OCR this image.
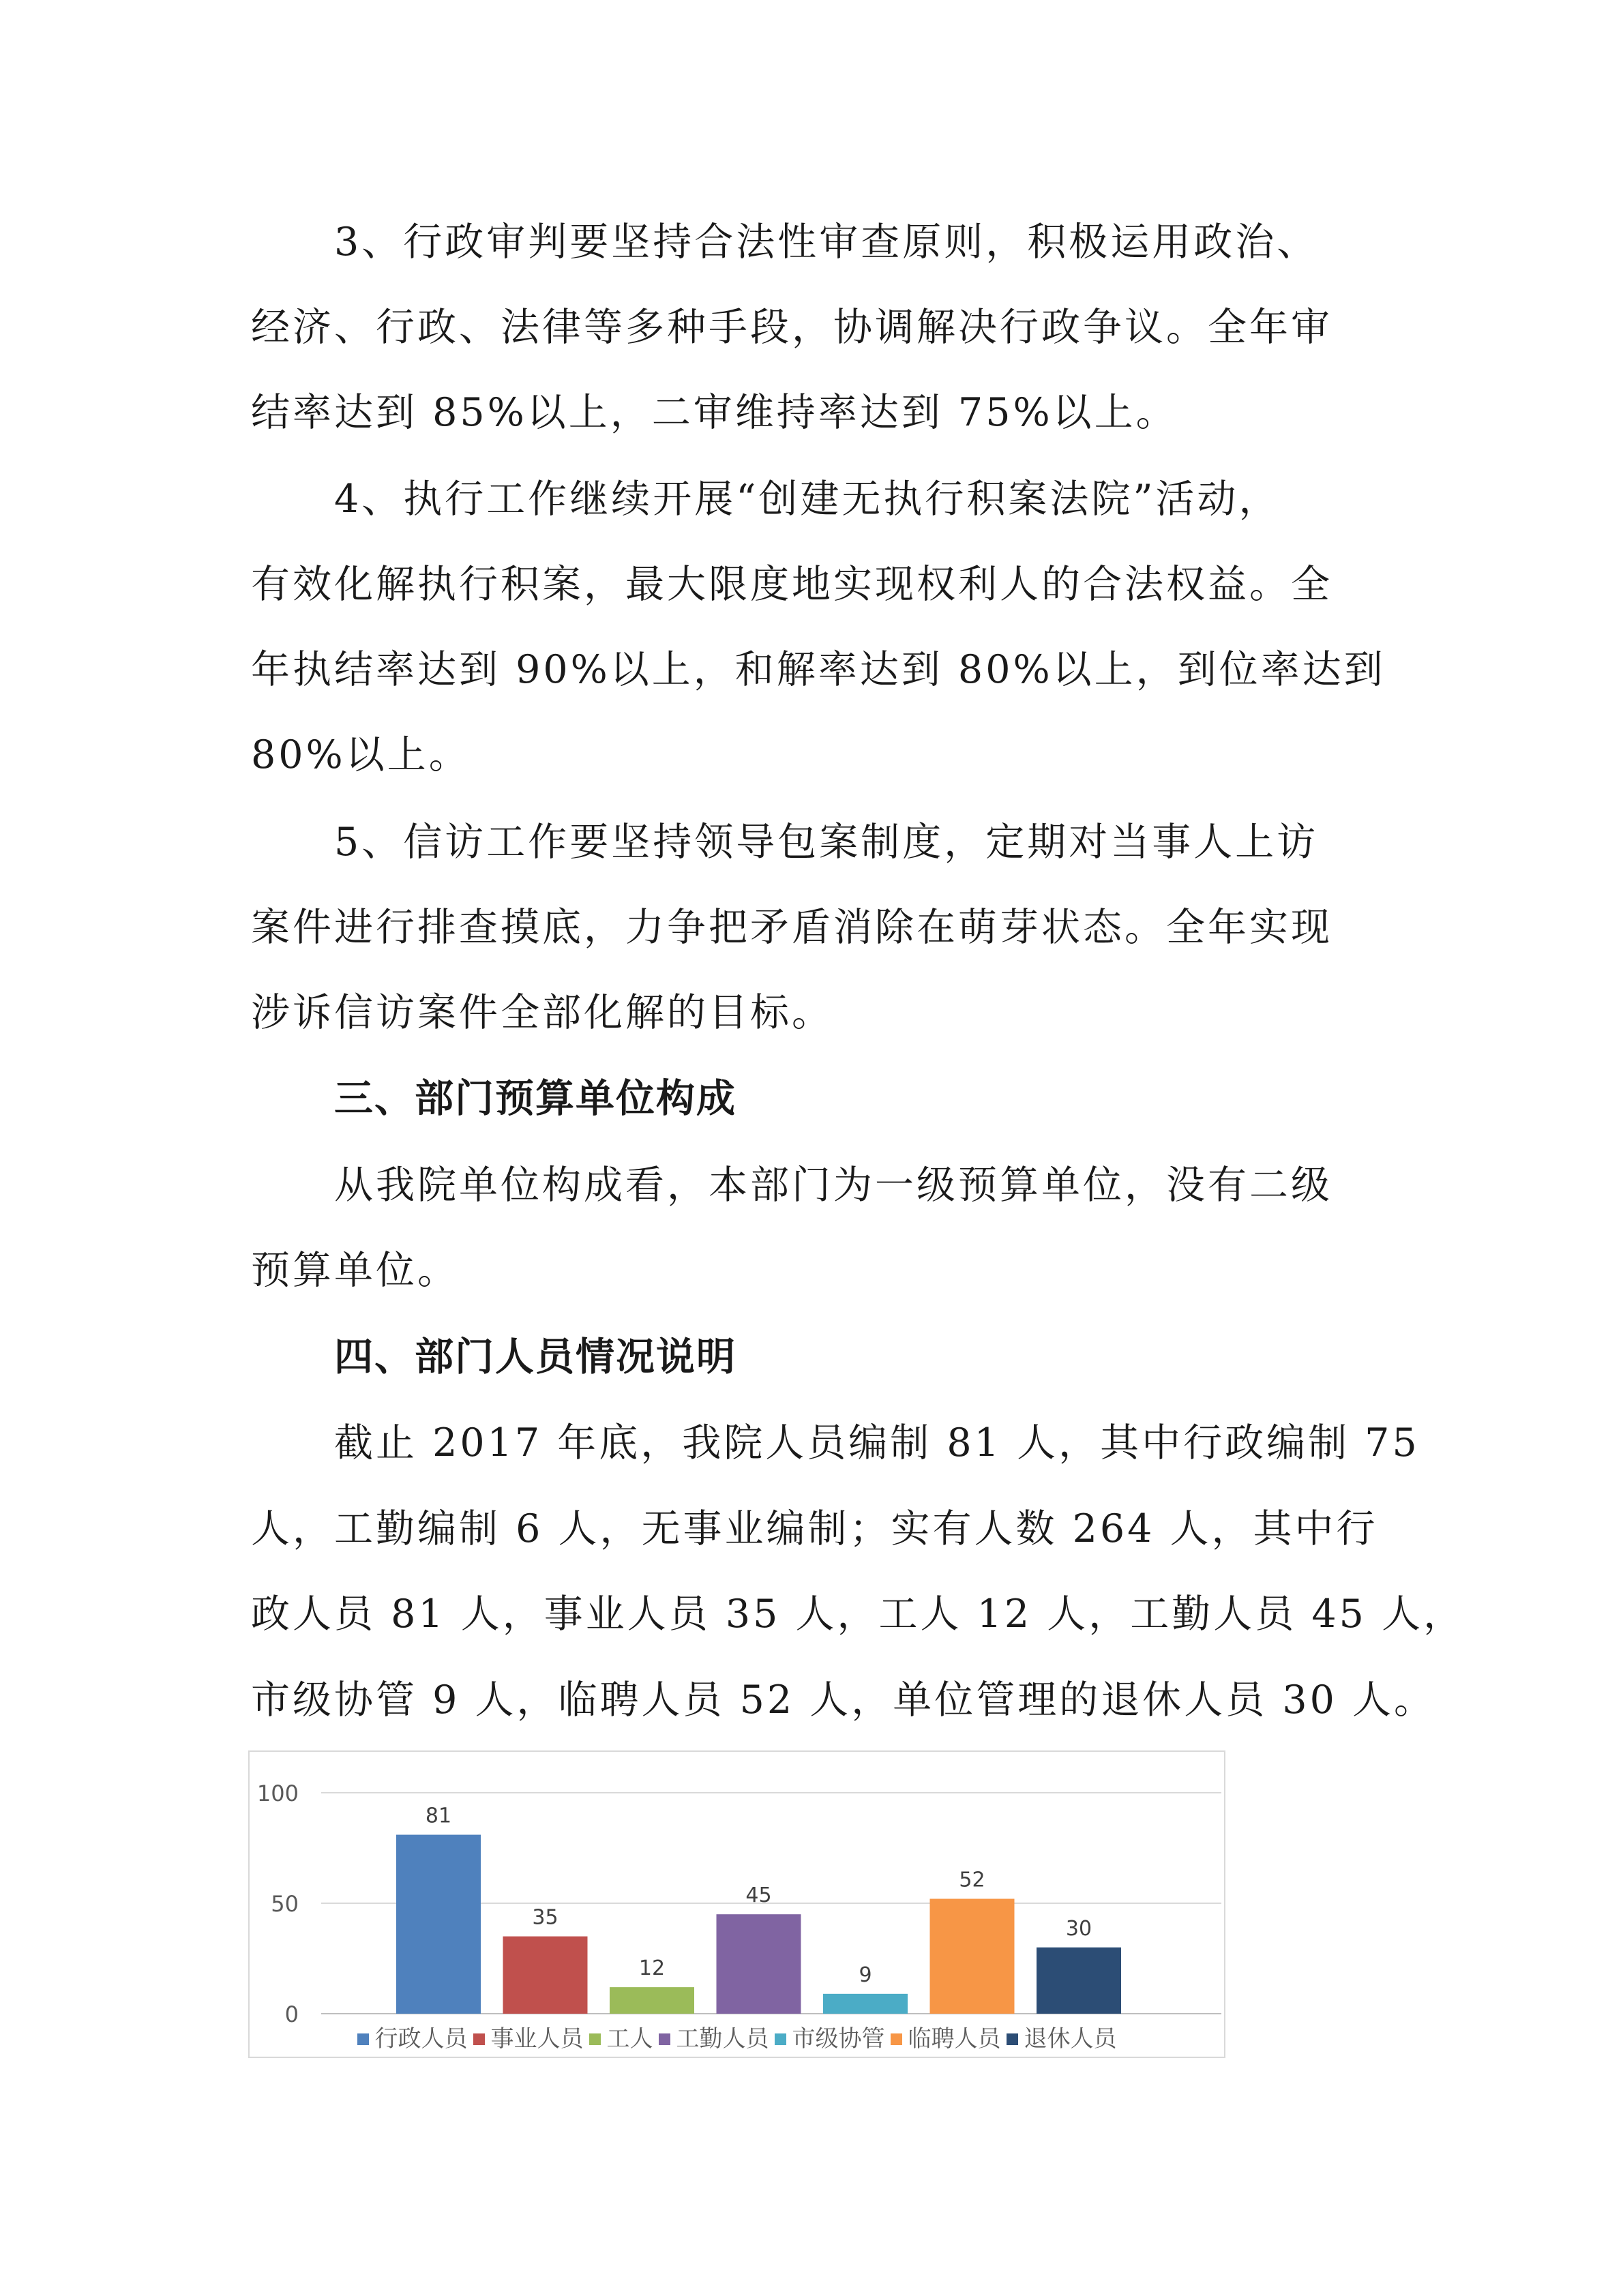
3、行政审判要坚持合法性审查原则，积极运用政治、
经济、行政、法律等多种手段，协调解决行政争议。全年审
结率达到 85%以上，二审维持率达到 75%以上。
4、执行工作继续开展“创建无执行积案法院”活动，
有效化解执行积案，最大限度地实现权利人的合法权益。全
年执结率达到 90%以上，和解率达到 80%以上，到位率达到
80%以上。
5、信访工作要坚持领导包案制度，定期对当事人上访
案件进行排查摸底，力争把矛盾消除在萌芽状态。全年实现
涉诉信访案件全部化解的目标。
三、部门预算单位构成
从我院单位构成看，本部门为一级预算单位，没有二级
预算单位。
四、部门人员情况说明
截止 2017 年底，我院人员编制 81 人，其中行政编制 75
人，工勤编制 6 人，无事业编制；实有人数 264 人，其中行
政人员 81 人，事业人员 35 人，工人 12 人，工勤人员 45 人，
市级协管 9 人，临聘人员 52 人，单位管理的退休人员 30 人。
0
50
100
81
35
12
45
9
52
30
行政人员 事业人员 工人 工勤人员 市级协管 临聘人员 退休人员
